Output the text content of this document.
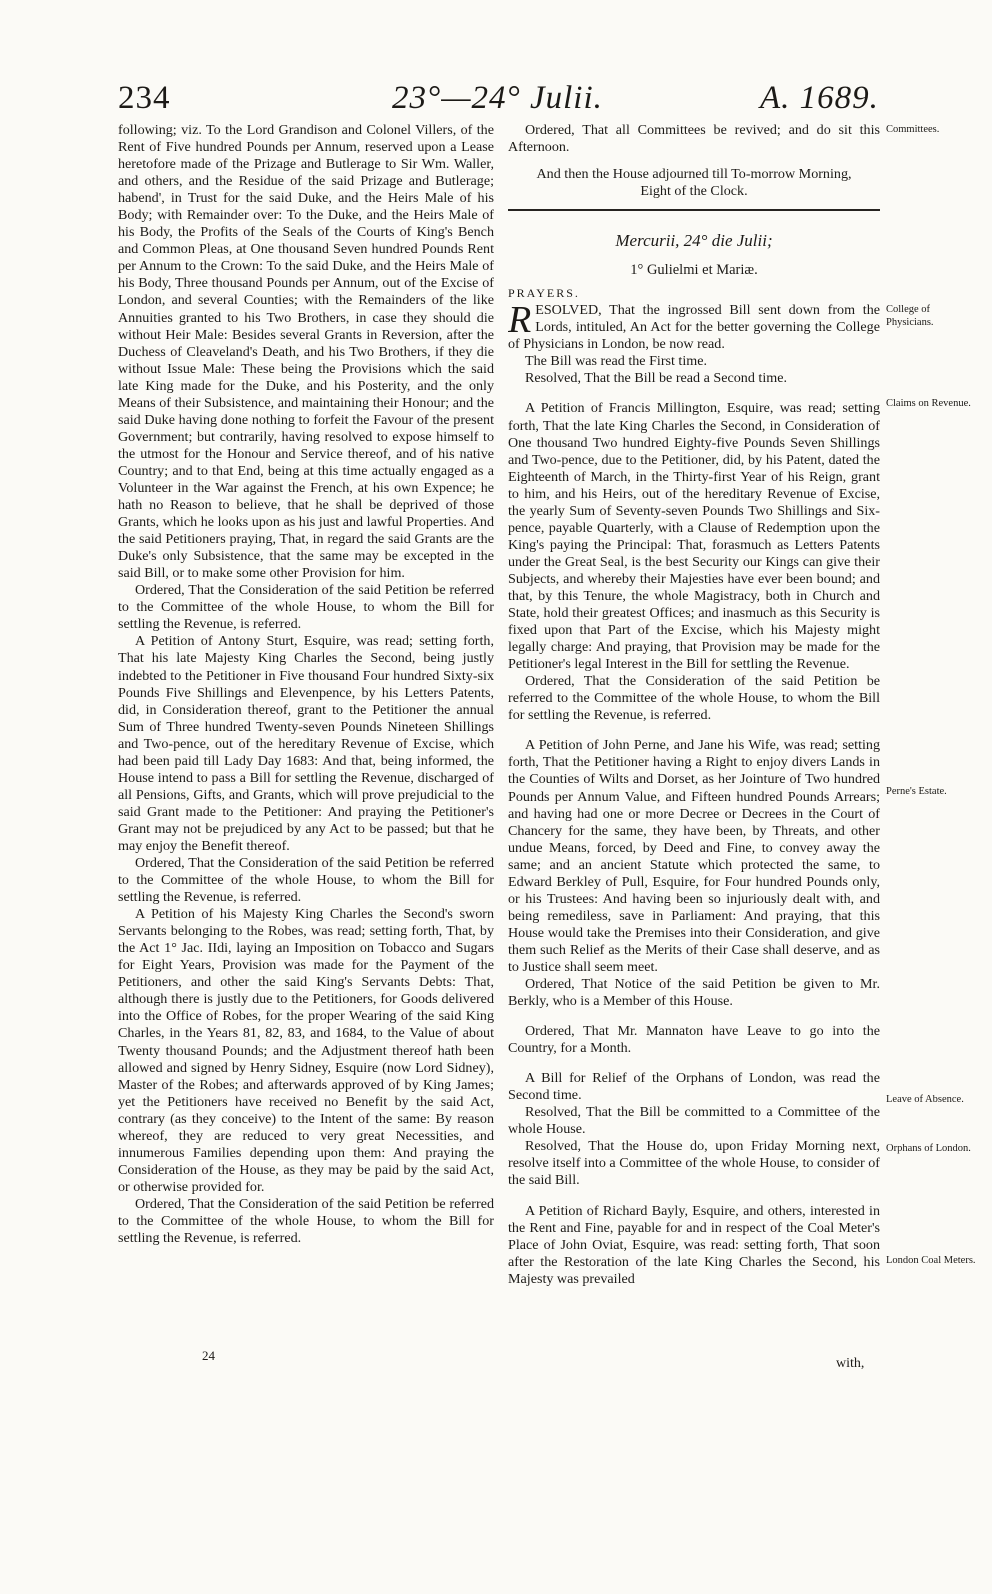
234	23°—24° Julii.	A. 1689.

following; viz. To the Lord Grandison and Colonel Villers, of the Rent of Five hundred Pounds per Annum, reserved upon a Lease heretofore made of the Prizage and Butlerage to Sir Wm. Waller, and others, and the Residue of the said Prizage and Butlerage; habend', in Trust for the said Duke, and the Heirs Male of his Body; with Remainder over: To the Duke, and the Heirs Male of his Body, the Profits of the Seals of the Courts of King's Bench and Common Pleas, at One thousand Seven hundred Pounds Rent per Annum to the Crown: To the said Duke, and the Heirs Male of his Body, Three thousand Pounds per Annum, out of the Excise of London, and several Counties; with the Remainders of the like Annuities granted to his Two Brothers, in case they should die without Heir Male: Besides several Grants in Reversion, after the Duchess of Cleaveland's Death, and his Two Brothers, if they die without Issue Male: These being the Provisions which the said late King made for the Duke, and his Posterity, and the only Means of their Subsistence, and maintaining their Honour; and the said Duke having done nothing to forfeit the Favour of the present Government; but contrarily, having resolved to expose himself to the utmost for the Honour and Service thereof, and of his native Country; and to that End, being at this time actually engaged as a Volunteer in the War against the French, at his own Expence; he hath no Reason to believe, that he shall be deprived of those Grants, which he looks upon as his just and lawful Properties. And the said Petitioners praying, That, in regard the said Grants are the Duke's only Subsistence, that the same may be excepted in the said Bill, or to make some other Provision for him.

Ordered, That the Consideration of the said Petition be referred to the Committee of the whole House, to whom the Bill for settling the Revenue, is referred.

A Petition of Antony Sturt, Esquire, was read; setting forth, That his late Majesty King Charles the Second, being justly indebted to the Petitioner in Five thousand Four hundred Sixty-six Pounds Five Shillings and Elevenpence, by his Letters Patents, did, in Consideration thereof, grant to the Petitioner the annual Sum of Three hundred Twenty-seven Pounds Nineteen Shillings and Two-pence, out of the hereditary Revenue of Excise, which had been paid till Lady Day 1683: And that, being informed, the House intend to pass a Bill for settling the Revenue, discharged of all Pensions, Gifts, and Grants, which will prove prejudicial to the said Grant made to the Petitioner: And praying the Petitioner's Grant may not be prejudiced by any Act to be passed; but that he may enjoy the Benefit thereof.

Ordered, That the Consideration of the said Petition be referred to the Committee of the whole House, to whom the Bill for settling the Revenue, is referred.

A Petition of his Majesty King Charles the Second's sworn Servants belonging to the Robes, was read; setting forth, That, by the Act 1° Jac. IIdi, laying an Imposition on Tobacco and Sugars for Eight Years, Provision was made for the Payment of the Petitioners, and other the said King's Servants Debts: That, although there is justly due to the Petitioners, for Goods delivered into the Office of Robes, for the proper Wearing of the said King Charles, in the Years 81, 82, 83, and 1684, to the Value of about Twenty thousand Pounds; and the Adjustment thereof hath been allowed and signed by Henry Sidney, Esquire (now Lord Sidney), Master of the Robes; and afterwards approved of by King James; yet the Petitioners have received no Benefit by the said Act, contrary (as they conceive) to the Intent of the same: By reason whereof, they are reduced to very great Necessities, and innumerous Families depending upon them: And praying the Consideration of the House, as they may be paid by the said Act, or otherwise provided for.

Ordered, That the Consideration of the said Petition be referred to the Committee of the whole House, to whom the Bill for settling the Revenue, is referred.

24

Ordered, That all Committees be revived; and do sit this Afternoon.

And then the House adjourned till To-morrow Morning, Eight of the Clock.
Mercurii, 24° die Julii;
1° Gulielmi et Mariæ.
PRAYERS.

RESOLVED, That the ingrossed Bill sent down from the Lords, intituled, An Act for the better governing the College of Physicians in London, be now read.

The Bill was read the First time.

Resolved, That the Bill be read a Second time.

A Petition of Francis Millington, Esquire, was read; setting forth, That the late King Charles the Second, in Consideration of One thousand Two hundred Eighty-five Pounds Seven Shillings and Two-pence, due to the Petitioner, did, by his Patent, dated the Eighteenth of March, in the Thirty-first Year of his Reign, grant to him, and his Heirs, out of the hereditary Revenue of Excise, the yearly Sum of Seventy-seven Pounds Two Shillings and Six-pence, payable Quarterly, with a Clause of Redemption upon the King's paying the Principal: That, forasmuch as Letters Patents under the Great Seal, is the best Security our Kings can give their Subjects, and whereby their Majesties have ever been bound; and that, by this Tenure, the whole Magistracy, both in Church and State, hold their greatest Offices; and inasmuch as this Security is fixed upon that Part of the Excise, which his Majesty might legally charge: And praying, that Provision may be made for the Petitioner's legal Interest in the Bill for settling the Revenue.

Ordered, That the Consideration of the said Petition be referred to the Committee of the whole House, to whom the Bill for settling the Revenue, is referred.

A Petition of John Perne, and Jane his Wife, was read; setting forth, That the Petitioner having a Right to enjoy divers Lands in the Counties of Wilts and Dorset, as her Jointure of Two hundred Pounds per Annum Value, and Fifteen hundred Pounds Arrears; and having had one or more Decree or Decrees in the Court of Chancery for the same, they have been, by Threats, and other undue Means, forced, by Deed and Fine, to convey away the same; and an ancient Statute which protected the same, to Edward Berkley of Pull, Esquire, for Four hundred Pounds only, or his Trustees: And having been so injuriously dealt with, and being remediless, save in Parliament: And praying, that this House would take the Premises into their Consideration, and give them such Relief as the Merits of their Case shall deserve, and as to Justice shall seem meet.

Ordered, That Notice of the said Petition be given to Mr. Berkly, who is a Member of this House.

Ordered, That Mr. Mannaton have Leave to go into the Country, for a Month.

A Bill for Relief of the Orphans of London, was read the Second time.

Resolved, That the Bill be committed to a Committee of the whole House.

Resolved, That the House do, upon Friday Morning next, resolve itself into a Committee of the whole House, to consider of the said Bill.

A Petition of Richard Bayly, Esquire, and others, interested in the Rent and Fine, payable for and in respect of the Coal Meter's Place of John Oviat, Esquire, was read: setting forth, That soon after the Restoration of the late King Charles the Second, his Majesty was prevailed

with,
Committees.
College of Physicians.
Claims on Revenue.
Perne's Estate.
Leave of Absence.
Orphans of London.
London Coal Meters.
